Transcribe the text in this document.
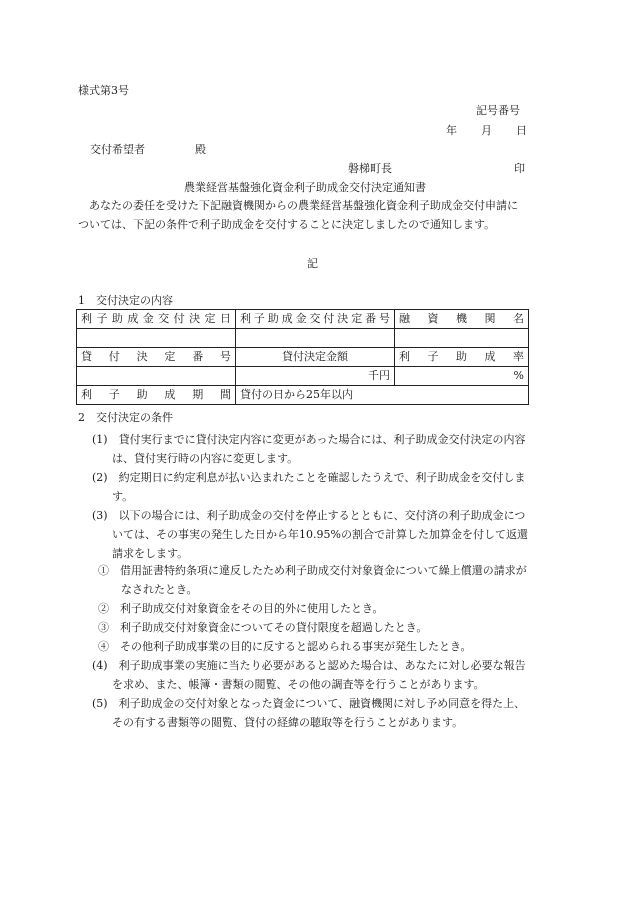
様式第3号
記号番号
年 月 日
交付希望者	殿
磐梯町長	印
農業経営基盤強化資金利子助成金交付決定通知書
あなたの委任を受けた下記融資機関からの農業経営基盤強化資金利子助成金交付申請に
ついては、下記の条件で利子助成金を交付することに決定しましたので通知します。
記
1　交付決定の内容
利子助成金交付決定日	利子助成金交付決定番号	融資機関名

貸付決定番号	貸付決定金額	利子助成率
	千円	%
利子助成期間	貸付の日から25年以内	
2　交付決定の条件
(1)　貸付実行までに貸付決定内容に変更があった場合には、利子助成金交付決定の内容は、貸付実行時の内容に変更します。
(2)　約定期日に約定利息が払い込まれたことを確認したうえで、利子助成金を交付します。
(3)　以下の場合には、利子助成金の交付を停止するとともに、交付済の利子助成金については、その事実の発生した日から年10.95%の割合で計算した加算金を付して返還請求をします。
①　借用証書特約条項に違反したため利子助成交付対象資金について繰上償還の請求がなされたとき。
②　利子助成交付対象資金をその目的外に使用したとき。
③　利子助成交付対象資金についてその貸付限度を超過したとき。
④　その他利子助成事業の目的に反すると認められる事実が発生したとき。
(4)　利子助成事業の実施に当たり必要があると認めた場合は、あなたに対し必要な報告を求め、また、帳簿・書類の閲覧、その他の調査等を行うことがあります。
(5)　利子助成金の交付対象となった資金について、融資機関に対し予め同意を得た上、その有する書類等の閲覧、貸付の経緯の聴取等を行うことがあります。
